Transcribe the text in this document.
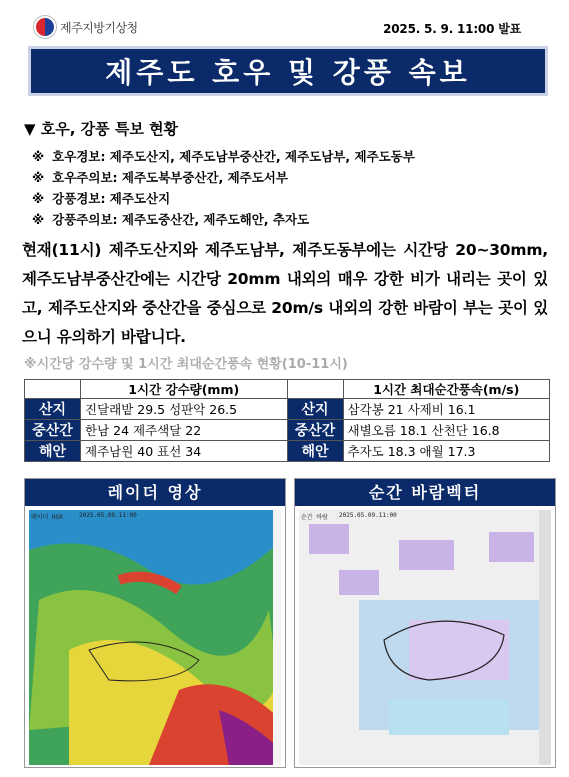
제주지방기상청	2025. 5. 9. 11:00 발표
제주도 호우 및 강풍 속보
▼ 호우, 강풍 특보 현황
※ 호우경보: 제주도산지, 제주도남부중산간, 제주도남부, 제주도동부
※ 호우주의보: 제주도북부중산간, 제주도서부
※ 강풍경보: 제주도산지
※ 강풍주의보: 제주도중산간, 제주도해안, 추자도
현재(11시) 제주도산지와 제주도남부, 제주도동부에는 시간당 20~30mm, 제주도남부중산간에는 시간당 20mm 내외의 매우 강한 비가 내리는 곳이 있고, 제주도산지와 중산간을 중심으로 20m/s 내외의 강한 바람이 부는 곳이 있으니 유의하기 바랍니다.
※시간당 강수량 및 1시간 최대순간풍속 현황(10-11시)
	1시간 강수량(mm)		1시간 최대순간풍속(m/s)
산지	진달래밭 29.5 성판악 26.5	산지	삼각봉 21 사제비 16.1
중산간	한남 24 제주색달 22	중산간	새별오름 18.1 산천단 16.8
해안	제주남원 40 표선 34	해안	추자도 18.3 애월 17.3
레이더 영상
레이더 HSR	2025.05.09.11:00
순간 바람벡터
순간 바람 2025.05.09.11:00
